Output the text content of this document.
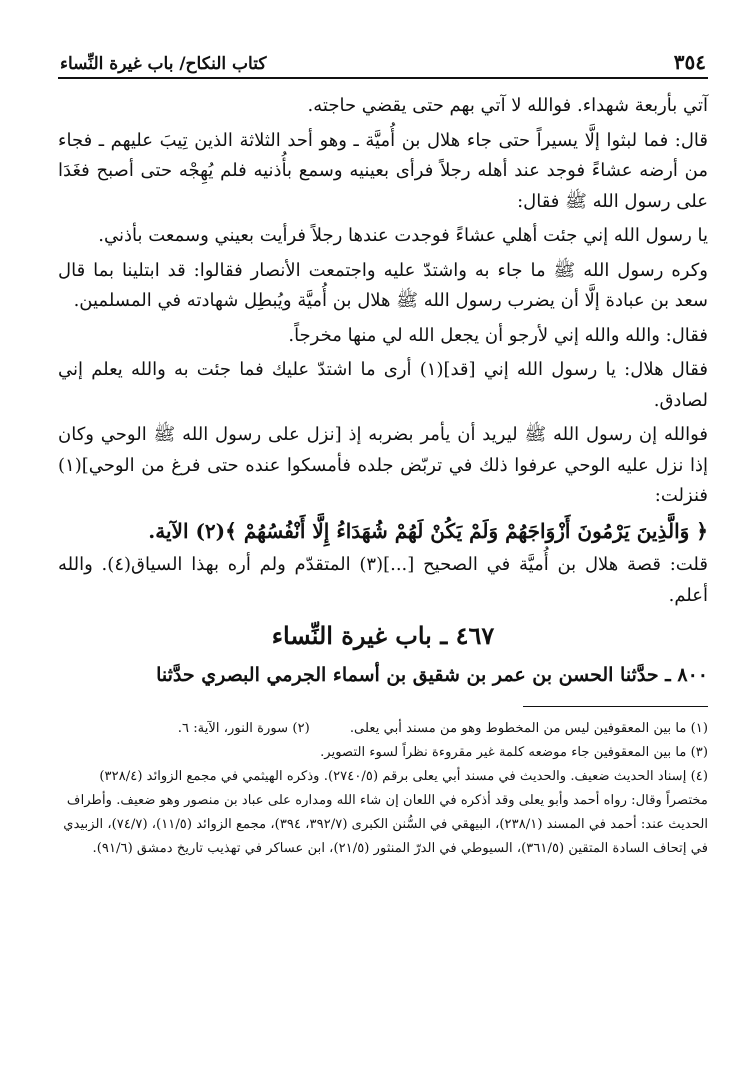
٣٥٤
كتاب النكاح/ باب غيرة النِّساء

آتي بأربعة شهداء. فوالله لا آتي بهم حتى يقضي حاجته.

قال: فما لبثوا إلَّا يسيراً حتى جاء هلال بن أُميَّة ـ وهو أحد الثلاثة الذين تِيبَ عليهم ـ فجاء من أرضه عشاءً فوجد عند أهله رجلاً فرأى بعينيه وسمع بأُذنيه فلم يُهِجْه حتى أصبح فغَدَا على رسول الله ﷺ فقال:

يا رسول الله إني جئت أهلي عشاءً فوجدت عندها رجلاً فرأيت بعيني وسمعت بأذني.

وكره رسول الله ﷺ ما جاء به واشتدّ عليه واجتمعت الأنصار فقالوا: قد ابتلينا بما قال سعد بن عبادة إلَّا أن يضرب رسول الله ﷺ هلال بن أُميَّة ويُبطِل شهادته في المسلمين.

فقال: والله والله إني لأرجو أن يجعل الله لي منها مخرجاً.

فقال هلال: يا رسول الله إني [قد](١) أرى ما اشتدّ عليك فما جئت به والله يعلم إني لصادق.

فوالله إن رسول الله ﷺ ليريد أن يأمر بضربه إذ [نزل على رسول الله ﷺ الوحي وكان إذا نزل عليه الوحي عرفوا ذلك في تربّض جلده فأمسكوا عنده حتى فرغ من الوحي](١) فنزلت:

﴿ وَالَّذِينَ يَرْمُونَ أَزْوَاجَهُمْ وَلَمْ يَكُنْ لَهُمْ شُهَدَاءُ إِلَّا أَنْفُسُهُمْ ﴾(٢) الآية.

قلت: قصة هلال بن أُميَّة في الصحيح [...](٣) المتقدّم ولم أره بهذا السياق(٤). والله أعلم.

٤٦٧ ـ باب غيرة النِّساء

٨٠٠ ـ حدَّثنا الحسن بن عمر بن شقيق بن أسماء الجرمي البصري حدَّثنا

(١) ما بين المعقوفين ليس من المخطوط وهو من مسند أبي يعلى.
(٢) سورة النور، الآية: ٦.

(٣) ما بين المعقوفين جاء موضعه كلمة غير مقروءة نظراً لسوء التصوير.

(٤) إسناد الحديث ضعيف. والحديث في مسند أبي يعلى برقم (٢٧٤٠/٥). وذكره الهيثمي في مجمع الزوائد (٣٢٨/٤) مختصراً وقال: رواه أحمد وأبو يعلى وقد أذكره في اللعان إن شاء الله ومداره على عباد بن منصور وهو ضعيف. وأطراف الحديث عند: أحمد في المسند (٢٣٨/١)، البيهقي في السُّنن الكبرى (٣٩٢/٧، ٣٩٤)، مجمع الزوائد (١١/٥)، (٧٤/٧)، الزبيدي في إتحاف السادة المتقين (٣٦١/٥)، السيوطي في الدرّ المنثور (٢١/٥)، ابن عساكر في تهذيب تاريخ دمشق (٩١/٦).
